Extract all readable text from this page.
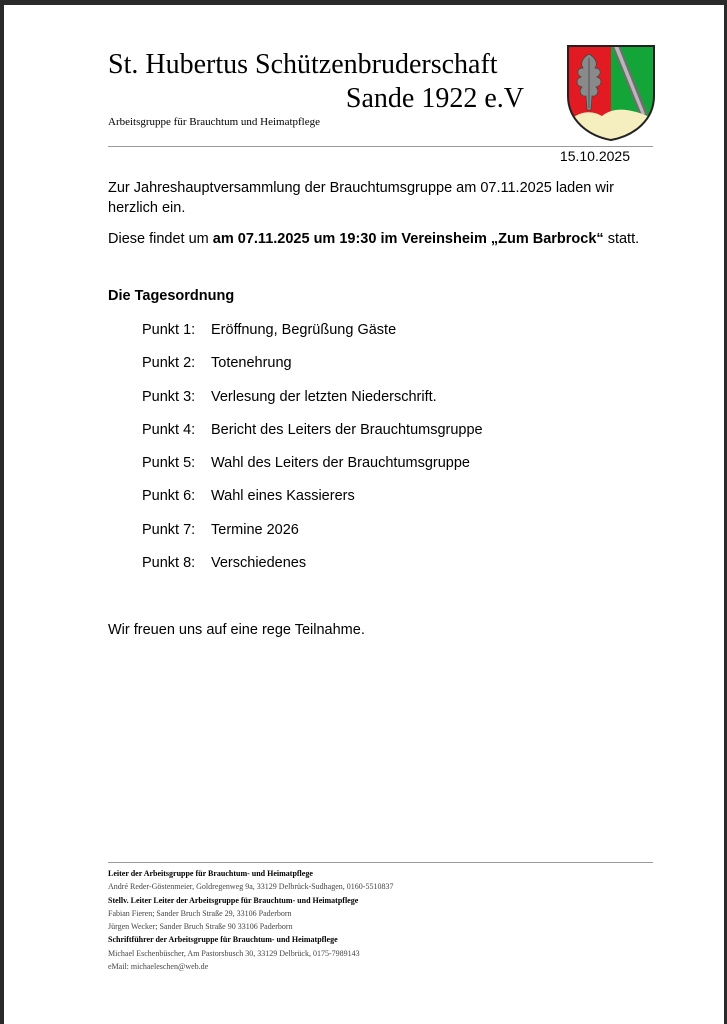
St. Hubertus Schützenbruderschaft
Sande 1922 e.V
Arbeitsgruppe für Brauchtum und Heimatpflege
15.10.2025
Zur Jahreshauptversammlung der Brauchtumsgruppe am 07.11.2025 laden wir herzlich ein.
Diese findet um am 07.11.2025 um 19:30 im Vereinsheim „Zum Barbrock“ statt.
Die Tagesordnung
Punkt 1: Eröffnung, Begrüßung Gäste
Punkt 2: Totenehrung
Punkt 3: Verlesung der letzten Niederschrift.
Punkt 4: Bericht des Leiters der Brauchtumsgruppe
Punkt 5: Wahl des Leiters der Brauchtumsgruppe
Punkt 6: Wahl eines Kassierers
Punkt 7: Termine 2026
Punkt 8: Verschiedenes
Wir freuen uns auf eine rege Teilnahme.
Leiter der Arbeitsgruppe für Brauchtum- und Heimatpflege
André Reder-Göstenmeier, Goldregenweg 9a, 33129 Delbrück-Sudhagen, 0160-5510837
Stellv. Leiter Leiter der Arbeitsgruppe für Brauchtum- und Heimatpflege
Fabian Fieren; Sander Bruch Straße 29, 33106 Paderborn
Jürgen Wecker; Sander Bruch Straße 90 33106 Paderborn
Schriftführer der Arbeitsgruppe für Brauchtum- und Heimatpflege
Michael Eschenbüscher, Am Pastorsbusch 30, 33129 Delbrück, 0175-7989143
eMail: michaeleschen@web.de
